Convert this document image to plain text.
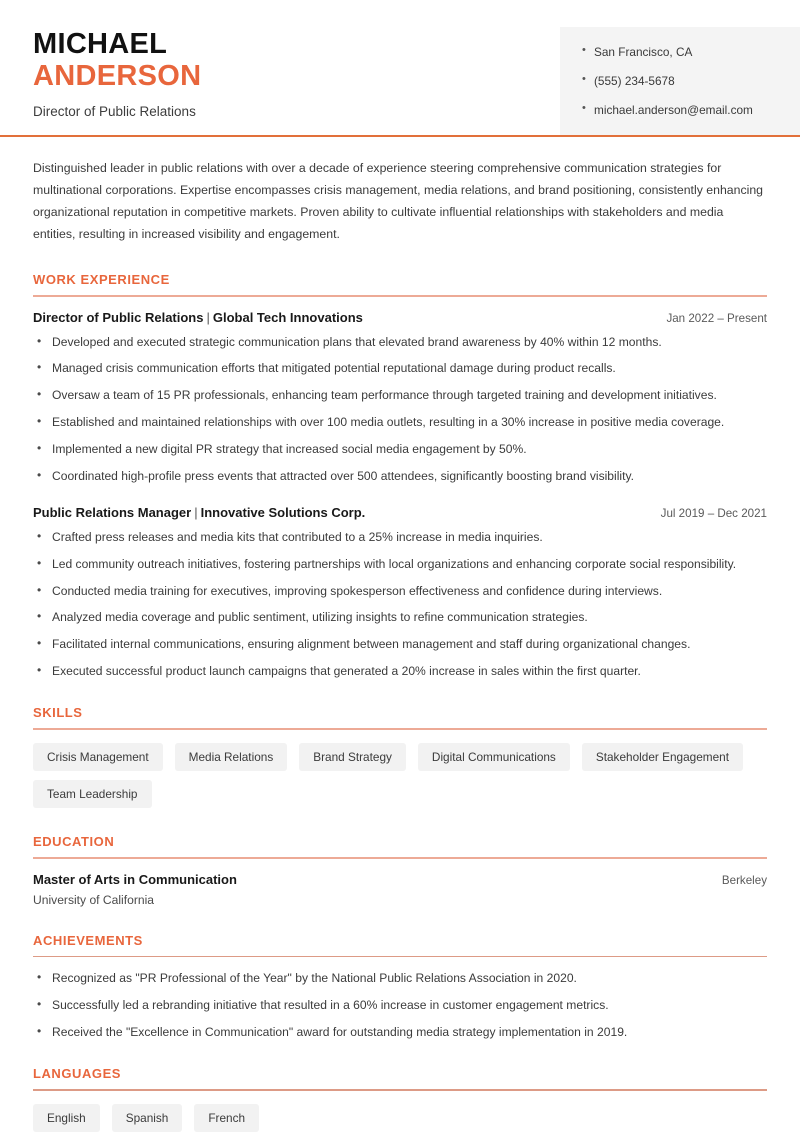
MICHAEL
ANDERSON
Director of Public Relations
• San Francisco, CA
• (555) 234-5678
• michael.anderson@email.com

Distinguished leader in public relations with over a decade of experience steering comprehensive communication strategies for multinational corporations. Expertise encompasses crisis management, media relations, and brand positioning, consistently enhancing organizational reputation in competitive markets. Proven ability to cultivate influential relationships with stakeholders and media entities, resulting in increased visibility and engagement.

WORK EXPERIENCE
Director of Public Relations | Global Tech Innovations	Jan 2022 – Present
• Developed and executed strategic communication plans that elevated brand awareness by 40% within 12 months.
• Managed crisis communication efforts that mitigated potential reputational damage during product recalls.
• Oversaw a team of 15 PR professionals, enhancing team performance through targeted training and development initiatives.
• Established and maintained relationships with over 100 media outlets, resulting in a 30% increase in positive media coverage.
• Implemented a new digital PR strategy that increased social media engagement by 50%.
• Coordinated high-profile press events that attracted over 500 attendees, significantly boosting brand visibility.
Public Relations Manager | Innovative Solutions Corp.	Jul 2019 – Dec 2021
• Crafted press releases and media kits that contributed to a 25% increase in media inquiries.
• Led community outreach initiatives, fostering partnerships with local organizations and enhancing corporate social responsibility.
• Conducted media training for executives, improving spokesperson effectiveness and confidence during interviews.
• Analyzed media coverage and public sentiment, utilizing insights to refine communication strategies.
• Facilitated internal communications, ensuring alignment between management and staff during organizational changes.
• Executed successful product launch campaigns that generated a 20% increase in sales within the first quarter.
SKILLS
Crisis Management	Media Relations	Brand Strategy	Digital Communications	Stakeholder Engagement
Team Leadership
EDUCATION
Master of Arts in Communication	Berkeley
University of California
ACHIEVEMENTS
• Recognized as "PR Professional of the Year" by the National Public Relations Association in 2020.
• Successfully led a rebranding initiative that resulted in a 60% increase in customer engagement metrics.
• Received the "Excellence in Communication" award for outstanding media strategy implementation in 2019.
LANGUAGES
English	Spanish	French
